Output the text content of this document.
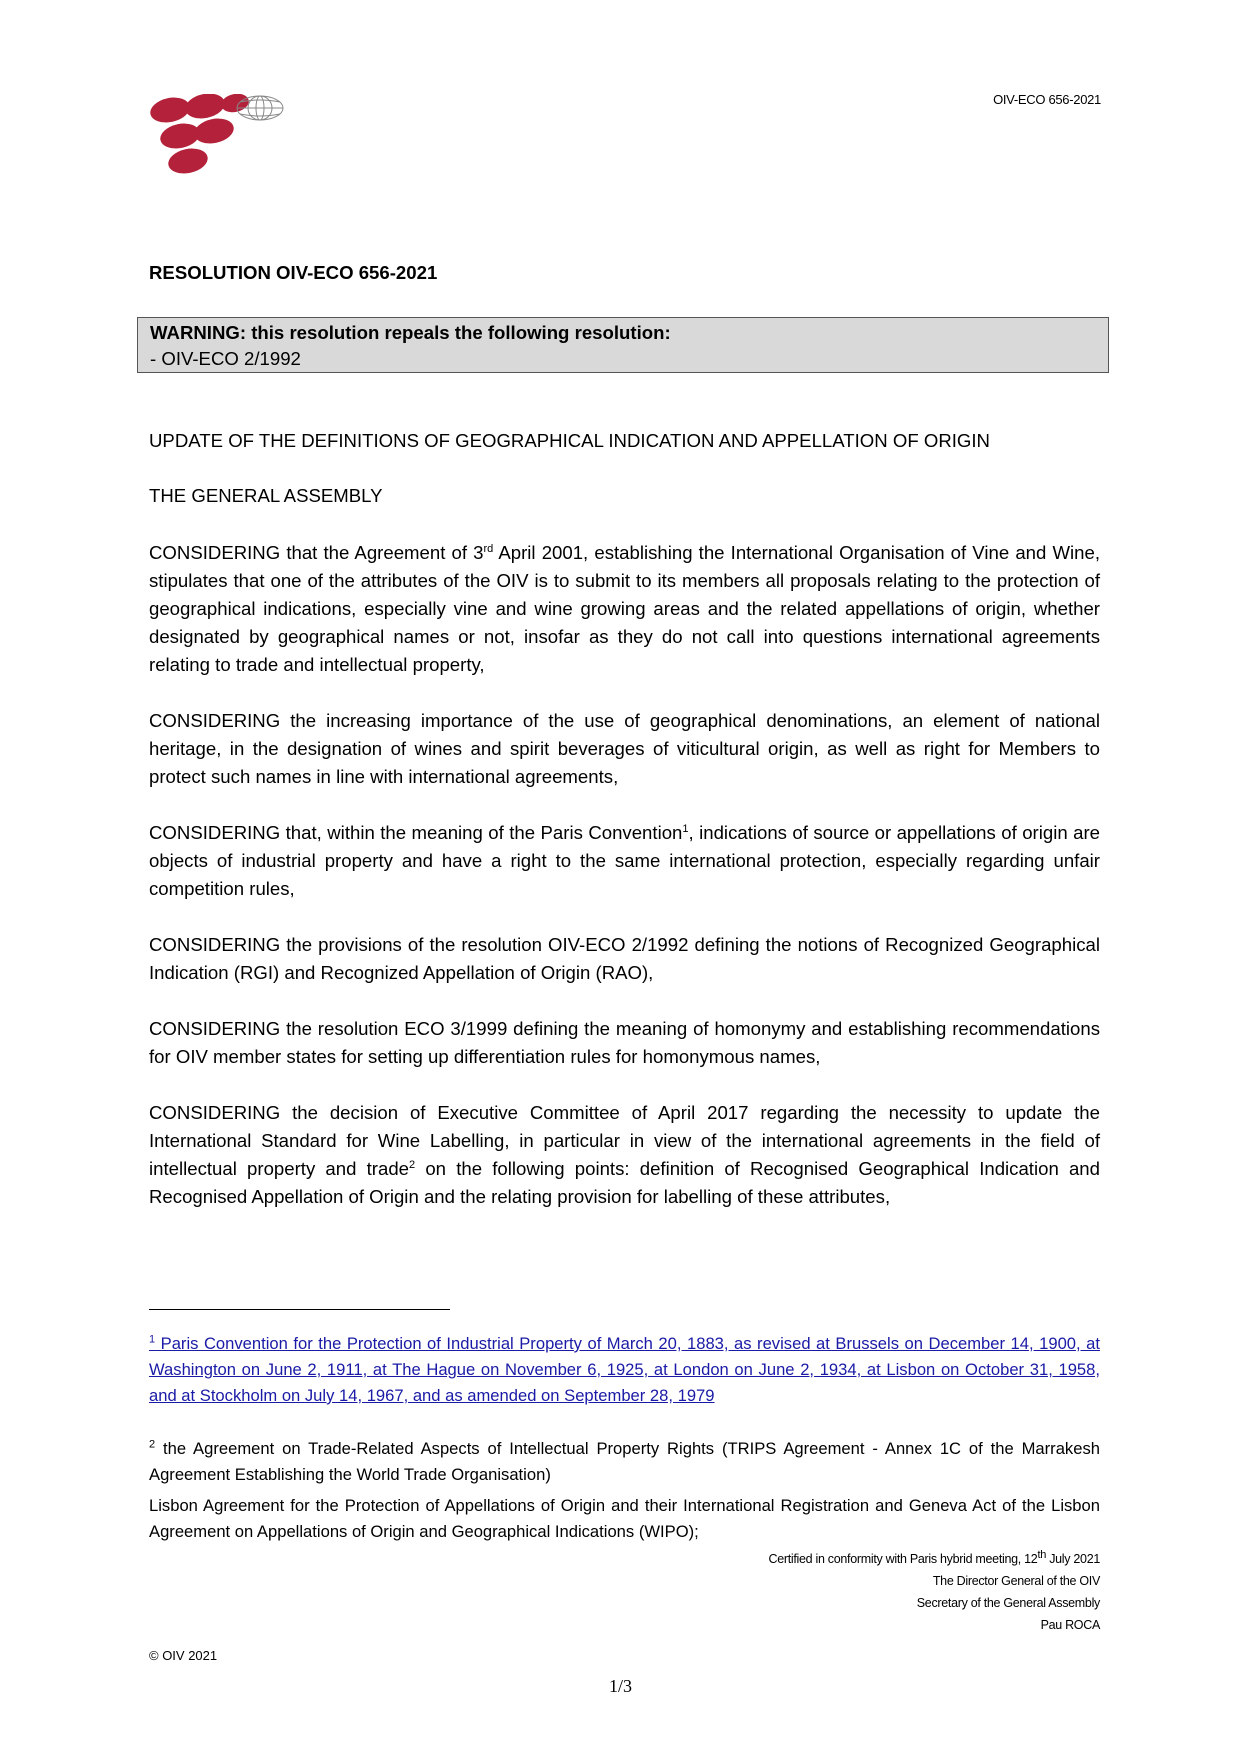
OIV-ECO 656-2021
RESOLUTION OIV-ECO 656-2021
WARNING: this resolution repeals the following resolution:
- OIV-ECO 2/1992
UPDATE OF THE DEFINITIONS OF GEOGRAPHICAL INDICATION AND APPELLATION OF ORIGIN
THE GENERAL ASSEMBLY
CONSIDERING that the Agreement of 3rd April 2001, establishing the International Organisation of Vine and Wine, stipulates that one of the attributes of the OIV is to submit to its members all proposals relating to the protection of geographical indications, especially vine and wine growing areas and the related appellations of origin, whether designated by geographical names or not, insofar as they do not call into questions international agreements relating to trade and intellectual property,
CONSIDERING the increasing importance of the use of geographical denominations, an element of national heritage, in the designation of wines and spirit beverages of viticultural origin, as well as right for Members to protect such names in line with international agreements,
CONSIDERING that, within the meaning of the Paris Convention$^1$, indications of source or appellations of origin are objects of industrial property and have a right to the same international protection, especially regarding unfair competition rules,
CONSIDERING the provisions of the resolution OIV-ECO 2/1992 defining the notions of Recognized Geographical Indication (RGI) and Recognized Appellation of Origin (RAO),
CONSIDERING the resolution ECO 3/1999 defining the meaning of homonymy and establishing recommendations for OIV member states for setting up differentiation rules for homonymous names,
CONSIDERING the decision of Executive Committee of April 2017 regarding the necessity to update the International Standard for Wine Labelling, in particular in view of the international agreements in the field of intellectual property and trade$^2$ on the following points: definition of Recognised Geographical Indication and Recognised Appellation of Origin and the relating provision for labelling of these attributes,
$^1$ Paris Convention for the Protection of Industrial Property of March 20, 1883, as revised at Brussels on December 14, 1900, at Washington on June 2, 1911, at The Hague on November 6, 1925, at London on June 2, 1934, at Lisbon on October 31, 1958, and at Stockholm on July 14, 1967, and as amended on September 28, 1979
$^2$ the Agreement on Trade-Related Aspects of Intellectual Property Rights (TRIPS Agreement - Annex 1C of the Marrakesh Agreement Establishing the World Trade Organisation)
Lisbon Agreement for the Protection of Appellations of Origin and their International Registration and Geneva Act of the Lisbon Agreement on Appellations of Origin and Geographical Indications (WIPO);
Certified in conformity with Paris hybrid meeting, 12th July 2021
The Director General of the OIV
Secretary of the General Assembly
Pau ROCA
© OIV 2021
1/3
